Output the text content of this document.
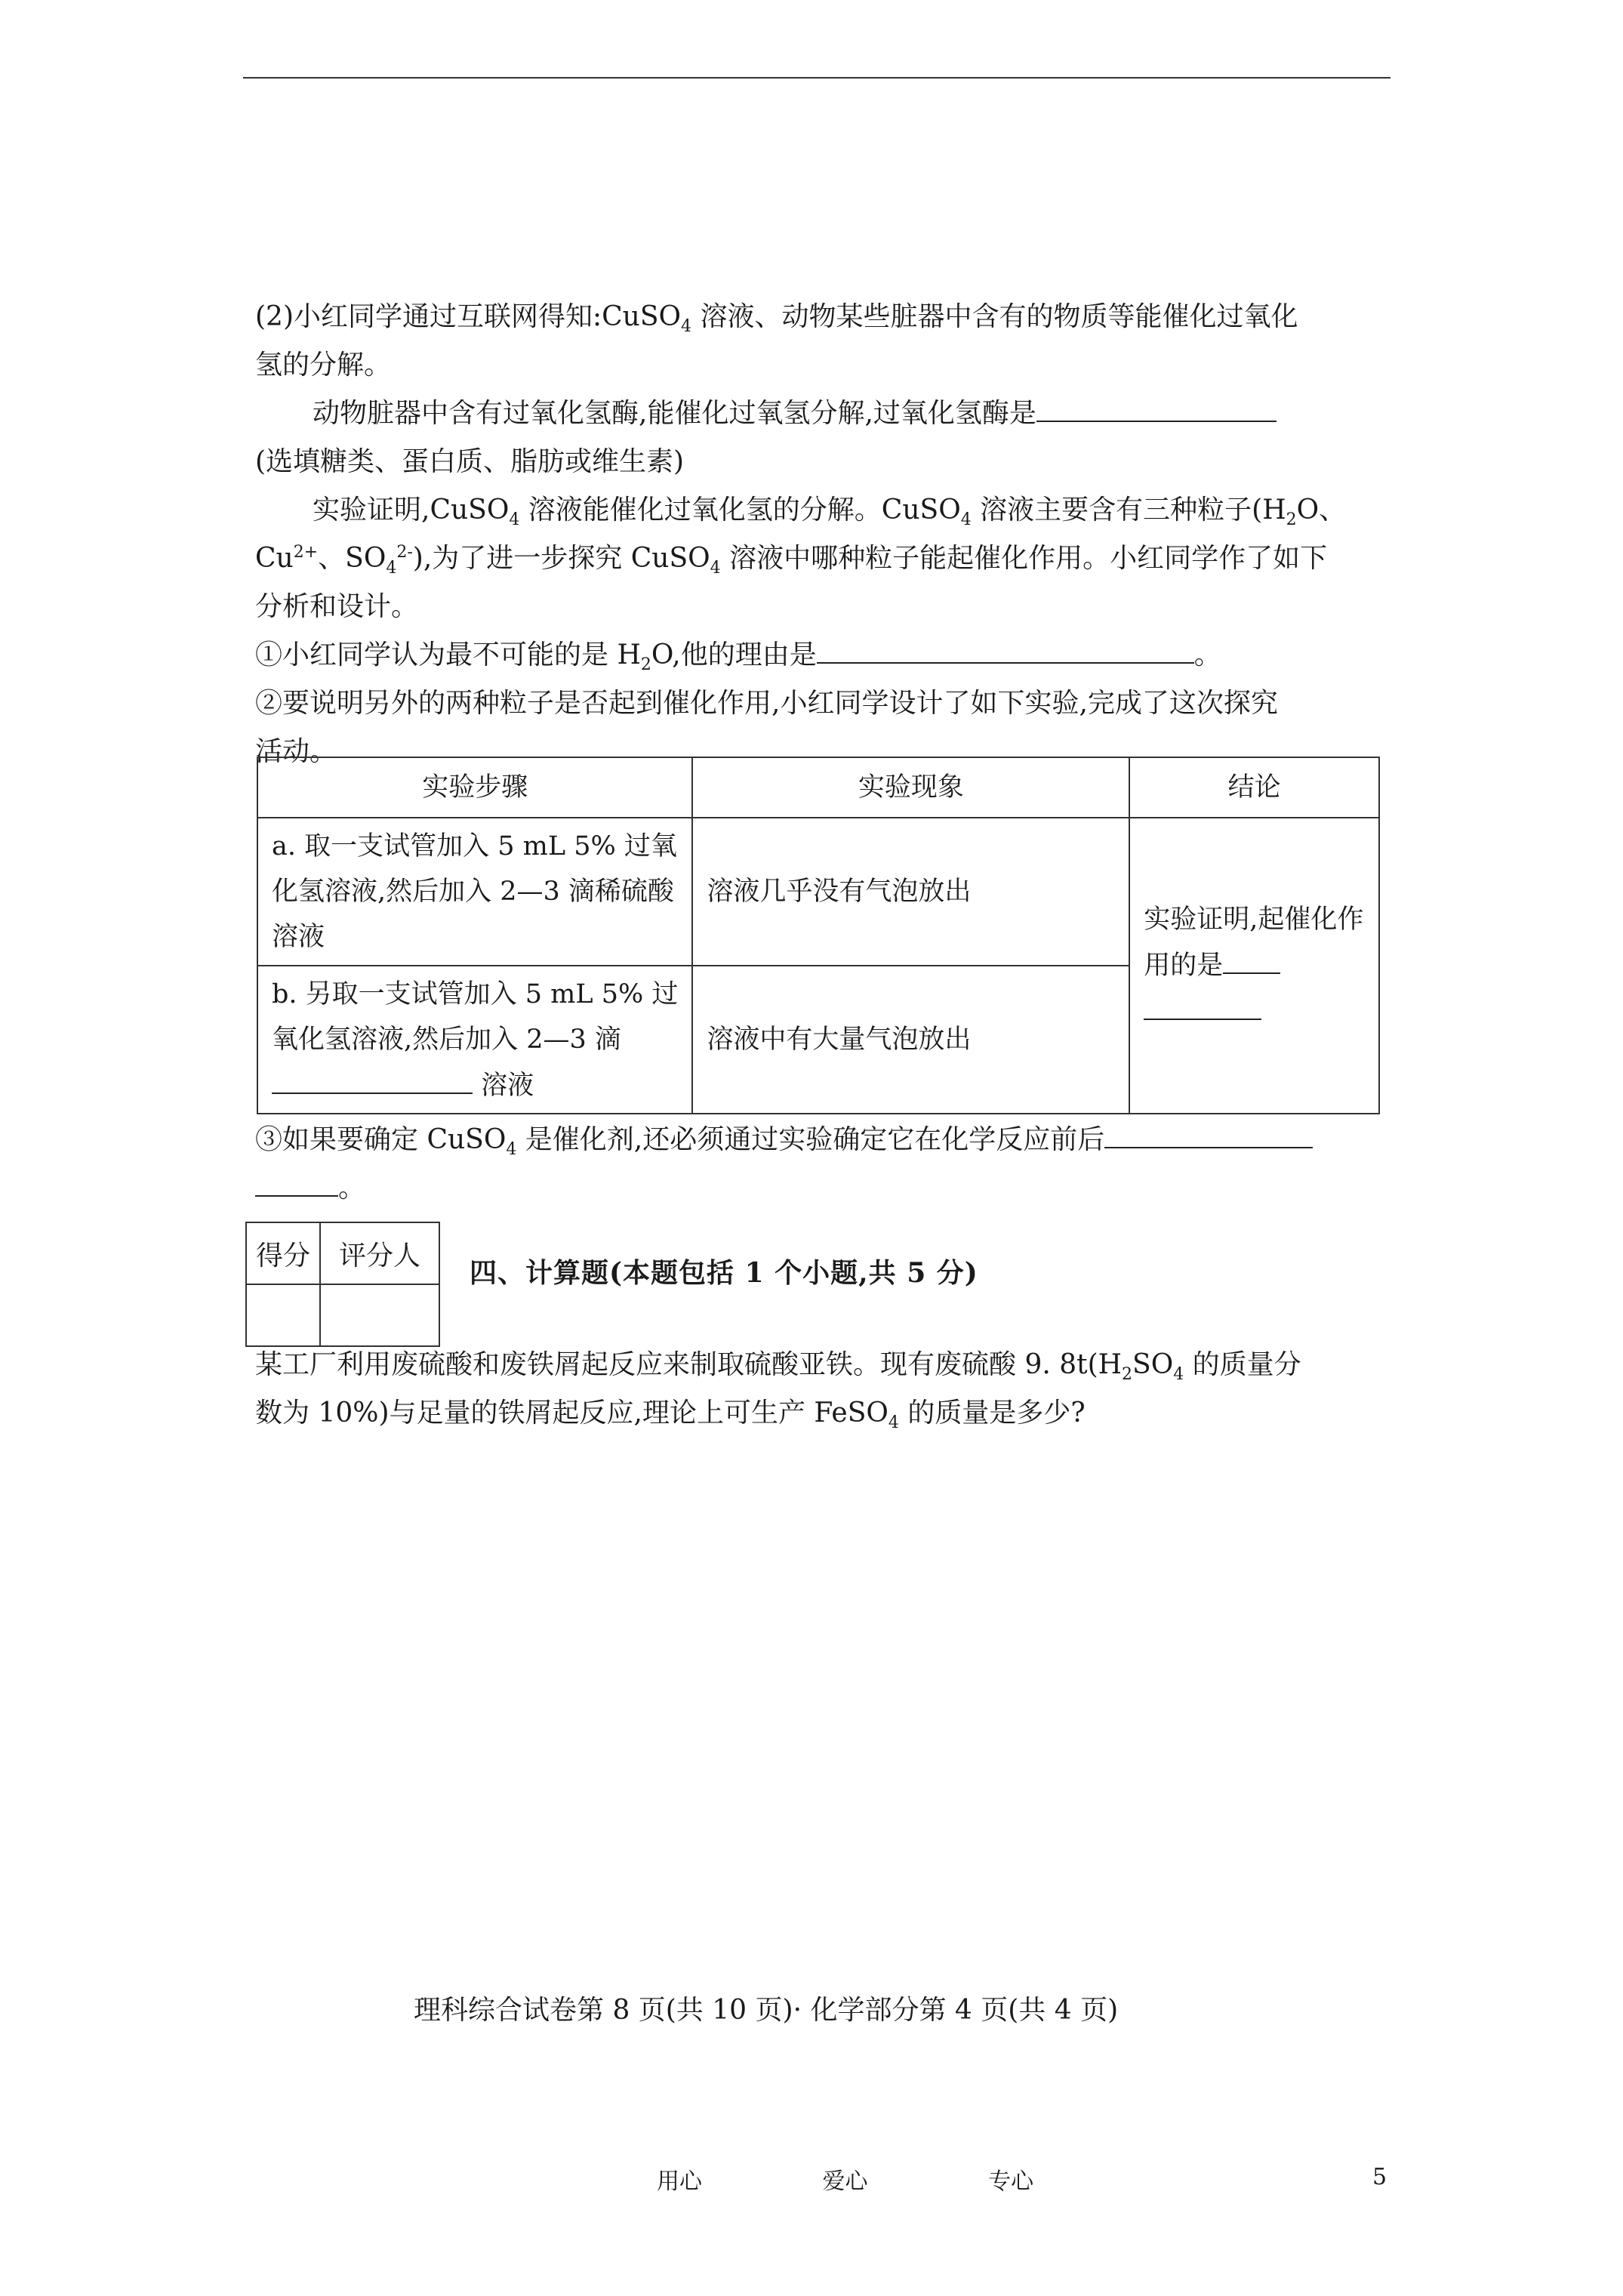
(2)小红同学通过互联网得知:CuSO$_4$ 溶液、动物某些脏器中含有的物质等能催化过氧化

氢的分解。

动物脏器中含有过氧化氢酶,能催化过氧氢分解,过氧化氢酶是

(选填糖类、蛋白质、脂肪或维生素)

实验证明,CuSO$_4$ 溶液能催化过氧化氢的分解。CuSO$_4$ 溶液主要含有三种粒子($H_2O$、

$Cu^{2+}$、$SO_4^{2-}$),为了进一步探究 CuSO$_4$ 溶液中哪种粒子能起催化作用。小红同学作了如下

分析和设计。

①小红同学认为最不可能的是 $H_2O$,他的理由是	。

②要说明另外的两种粒子是否起到催化作用,小红同学设计了如下实验,完成了这次探究

活动。

实验步骤	实验现象	结论
a. 取一支试管加入 5 mL 5% 过氧化氢溶液,然后加入 2—3 滴稀硫酸溶液	溶液几乎没有气泡放出	实验证明,起催化作用的是

b. 另取一支试管加入 5 mL 5% 过氧化氢溶液,然后加入 2—3 滴
溶液	溶液中有大量气泡放出	

③如果要确定 CuSO$_4$ 是催化剂,还必须通过实验确定它在化学反应前后

。

得分	评分人

四、计算题(本题包括 1 个小题,共 5 分)

某工厂利用废硫酸和废铁屑起反应来制取硫酸亚铁。现有废硫酸 9. $8t(H_2SO_4$ 的质量分

数为 10%)与足量的铁屑起反应,理论上可生产 FeSO$_4$ 的质量是多少?

理科综合试卷第 8 页(共 10 页)· 化学部分第 4 页(共 4 页)
用心	爱心	专心	5
